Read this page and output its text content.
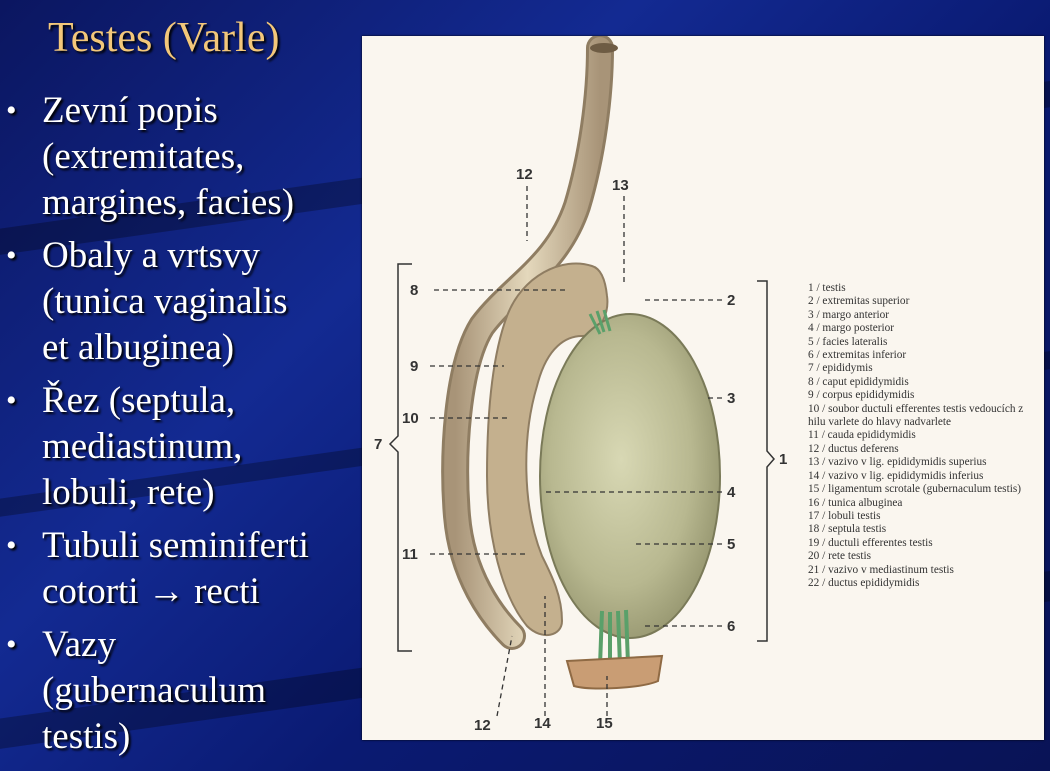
Testes (Varle)
• Zevní popis
(extremitates,
margines, facies)
• Obaly a vrtsvy
(tunica vaginalis
et albuginea)
• Řez (septula,
mediastinum,
lobuli, rete)
• Tubuli seminiferti
cotorti → recti
• Vazy
(gubernaculum
testis)
12
13
8
9
10
7
11
2
3
4
5
6
1
12	14	15
1 / testis
2 / extremitas superior
3 / margo anterior
4 / margo posterior
5 / facies lateralis
6 / extremitas inferior
7 / epididymis
8 / caput epididymidis
9 / corpus epididymidis
10 / soubor ductuli efferentes testis vedoucích z hilu varlete do hlavy nadvarlete
11 / cauda epididymidis
12 / ductus deferens
13 / vazivo v lig. epididymidis superius
14 / vazivo v lig. epididymidis inferius
15 / ligamentum scrotale (gubernaculum testis)
16 / tunica albuginea
17 / lobuli testis
18 / septula testis
19 / ductuli efferentes testis
20 / rete testis
21 / vazivo v mediastinum testis
22 / ductus epididymidis
